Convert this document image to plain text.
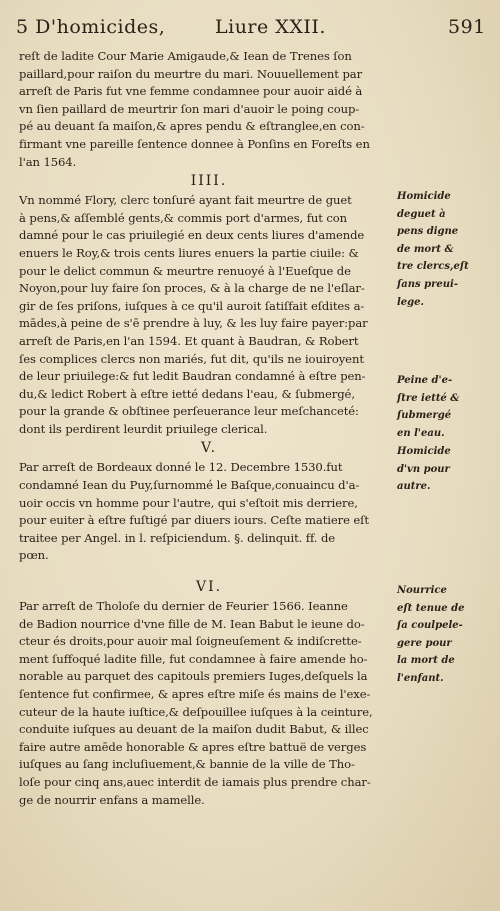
5 D'homicides,	Liure XXII.	591
reſt de ladite Cour Marie Amigaude,& Iean de Trenes ſon
paillard,pour raiſon du meurtre du mari. Nouuellement par
arreſt de Paris fut vne femme condamnee pour auoir aidé à
vn ſien paillard de meurtrir ſon mari d'auoir le poing coup-
pé au deuant ſa maiſon,& apres pendu & eſtranglee,en con-
firmant vne pareille ſentence donnee à Ponſins en Foreſts en
l'an 1564.
IIII.
Vn nommé Flory, clerc tonſuré ayant fait meurtre de guet
à pens,& aſſemblé gents,& commis port d'armes, fut con
damné pour le cas priuilegié en deux cents liures d'amende
enuers le Roy,& trois cents liures enuers la partie ciuile: &
pour le delict commun & meurtre renuoyé à l'Eueſque de
Noyon,pour luy faire ſon proces, & à la charge de ne l'eſlar-
gir de ſes priſons, iuſques à ce qu'il auroit ſatiſfait eſdites a-
mādes,à peine de s'ē prendre à luy, & les luy faire payer:par
arreſt de Paris,en l'an 1594. Et quant à Baudran, & Robert
ſes complices clercs non mariés, fut dit, qu'ils ne iouiroyent
de leur priuilege:& fut ledit Baudran condamné à eſtre pen-
du,& ledict Robert à eſtre ietté dedans l'eau, & ſubmergé,
pour la grande & obſtinee perſeuerance leur meſchanceté:
dont ils perdirent leurdit priuilege clerical.
V.
Par arreſt de Bordeaux donné le 12. Decembre 1530.fut
condamné Iean du Puy,ſurnommé le Baſque,conuaincu d'a-
uoir occis vn homme pour l'autre, qui s'eſtoit mis derriere,
pour euiter à eſtre fuſtigé par diuers iours. Ceſte matiere eſt
traitee per Angel. in l. reſpiciendum. §. delinquit. ff. de
pœn.
VI.
Par arreſt de Tholoſe du dernier de Feurier 1566. Ieanne
de Badion nourrice d'vne fille de M. Iean Babut le ieune do-
cteur és droits,pour auoir mal ſoigneuſement & indiſcrette-
ment ſuffoqué ladite fille, fut condamnee à faire amende ho-
norable au parquet des capitouls premiers Iuges,deſquels la
ſentence fut confirmee, & apres eſtre miſe és mains de l'exe-
cuteur de la haute iuſtice,& deſpouillee iuſques à la ceinture,
conduite iuſques au deuant de la maiſon dudit Babut, & illec
faire autre amēde honorable & apres eſtre battuë de verges
iuſques au ſang incluſiuement,& bannie de la ville de Tho-
loſe pour cinq ans,auec interdit de iamais plus prendre char-
ge de nourrir enfans a mamelle.
Homicide
deguet à
pens digne
de mort &
tre clercs,eſt
ſans preui-
lege.
Peine d'e-
ſtre ietté &
ſubmergé
en l'eau.
Homicide
d'vn pour
autre.
Nourrice
eſt tenue de
ſa coulpele-
gere pour
la mort de
l'enfant.
